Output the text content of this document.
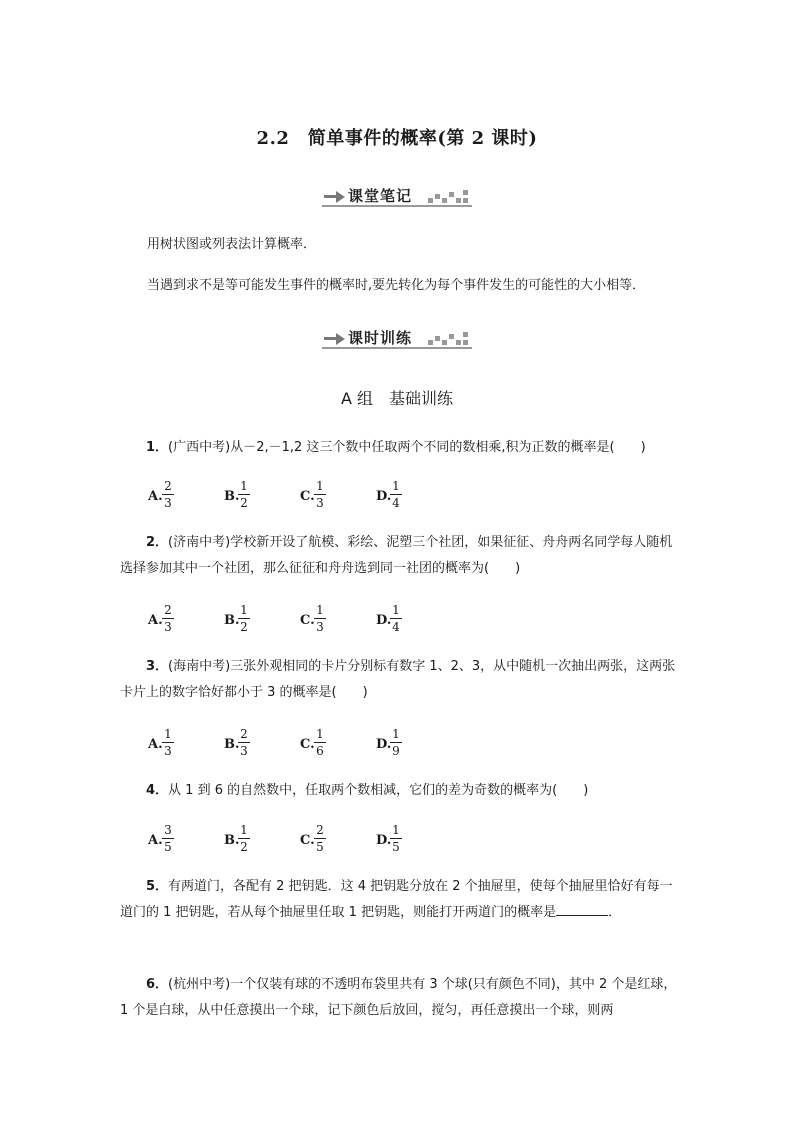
2.2　简单事件的概率(第 2 课时)
课堂笔记
用树状图或列表法计算概率．
当遇到求不是等可能发生事件的概率时,要先转化为每个事件发生的可能性的大小相等．
课时训练
A 组　基础训练
1．(广西中考)从－2,－1,2 这三个数中任取两个不同的数相乘,积为正数的概率是(　　)
A. $\frac{2}{3}$	B.
$\frac{1}{2}$	C. $\frac{1}{3}$	D.
$\frac{1}{4}$
2．(济南中考)学校新开设了航模、彩绘、泥塑三个社团，如果征征、舟舟两名同学每人随机选择参加其中一个社团，那么征征和舟舟选到同一社团的概率为(　　)
A. $\frac{2}{3}$	B.
$\frac{1}{2}$	C. $\frac{1}{3}$	D.
$\frac{1}{4}$
3．(海南中考)三张外观相同的卡片分别标有数字 1、2、3，从中随机一次抽出两张，这两张卡片上的数字恰好都小于 3 的概率是(　　)
A. $\frac{1}{3}$	B.
$\frac{2}{3}$	C. $\frac{1}{6}$	D.
$\frac{1}{9}$
4．从 1 到 6 的自然数中，任取两个数相减，它们的差为奇数的概率为(　　)
A. $\frac{3}{5}$	B.
$\frac{1}{2}$	C. $\frac{2}{5}$	D.
$\frac{1}{5}$
5．有两道门，各配有 2 把钥匙．这 4 把钥匙分放在 2 个抽屉里，使每个抽屉里恰好有每一道门的 1 把钥匙，若从每个抽屉里任取 1 把钥匙，则能打开两道门的概率是	．
6．(杭州中考)一个仅装有球的不透明布袋里共有 3 个球(只有颜色不同)，其中 2 个是红球，1 个是白球，从中任意摸出一个球，记下颜色后放回，搅匀，再任意摸出一个球，则两
